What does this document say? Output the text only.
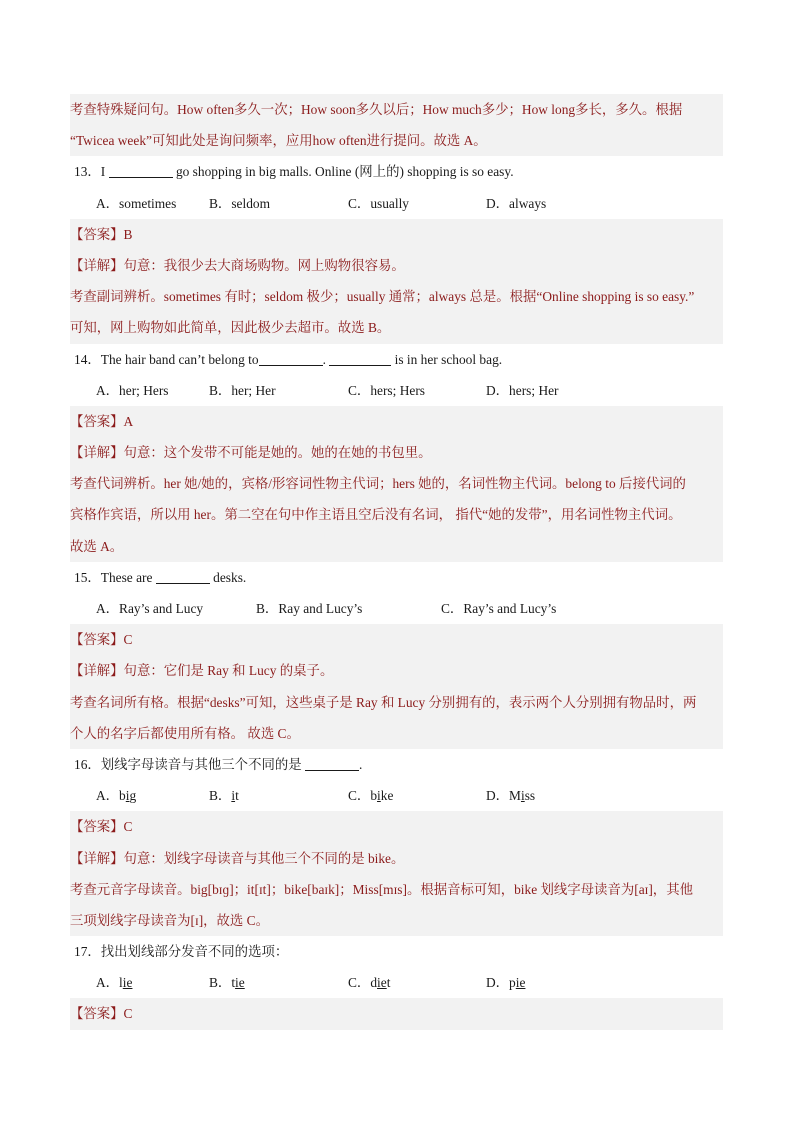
考查特殊疑问句。How often多久一次；How soon多久以后；How much多少；How long多长，多久。根据
“Twicea week”可知此处是询问频率，应用how often进行提问。故选 A。
13．I	go shopping in big malls. Online (网上的) shopping is so easy.
A．sometimes B．seldom	C．usually	D．always
【答案】B
【详解】句意：我很少去大商场购物。网上购物很容易。
考查副词辨析。sometimes 有时；seldom 极少；usually 通常；always 总是。根据“Online shopping is so easy.”
可知，网上购物如此简单，因此极少去超市。故选 B。
14．The hair band can’t belong to	.	is in her school bag.
A．her; Hers	B．her; Her	C．hers; Hers	D．hers; Her
【答案】A
【详解】句意：这个发带不可能是她的。她的在她的书包里。
考查代词辨析。her 她/她的，宾格/形容词性物主代词；hers 她的，名词性物主代词。belong to 后接代词的
宾格作宾语，所以用 her。第二空在句中作主语且空后没有名词， 指代“她的发带”，用名词性物主代词。
故选 A。
15．These are	desks.
A．Ray’s and Lucy	B．Ray and Lucy’s	C．Ray’s and Lucy’s
【答案】C
【详解】句意：它们是 Ray 和 Lucy 的桌子。
考查名词所有格。根据“desks”可知，这些桌子是 Ray 和 Lucy 分别拥有的，表示两个人分别拥有物品时，两
个人的名字后都使用所有格。 故选 C。
16．划线字母读音与其他三个不同的是	.
A．big	B．it	C．bike	D．Miss
【答案】C
【详解】句意：划线字母读音与其他三个不同的是 bike。
考查元音字母读音。big[bɪɡ]；it[ɪt]；bike[baɪk]；Miss[mɪs]。根据音标可知，bike 划线字母读音为[aɪ]，其他
三项划线字母读音为[ɪ]，故选 C。
17．找出划线部分发音不同的选项：
A．lie	B．tie	C．diet	D．pie
【答案】C
